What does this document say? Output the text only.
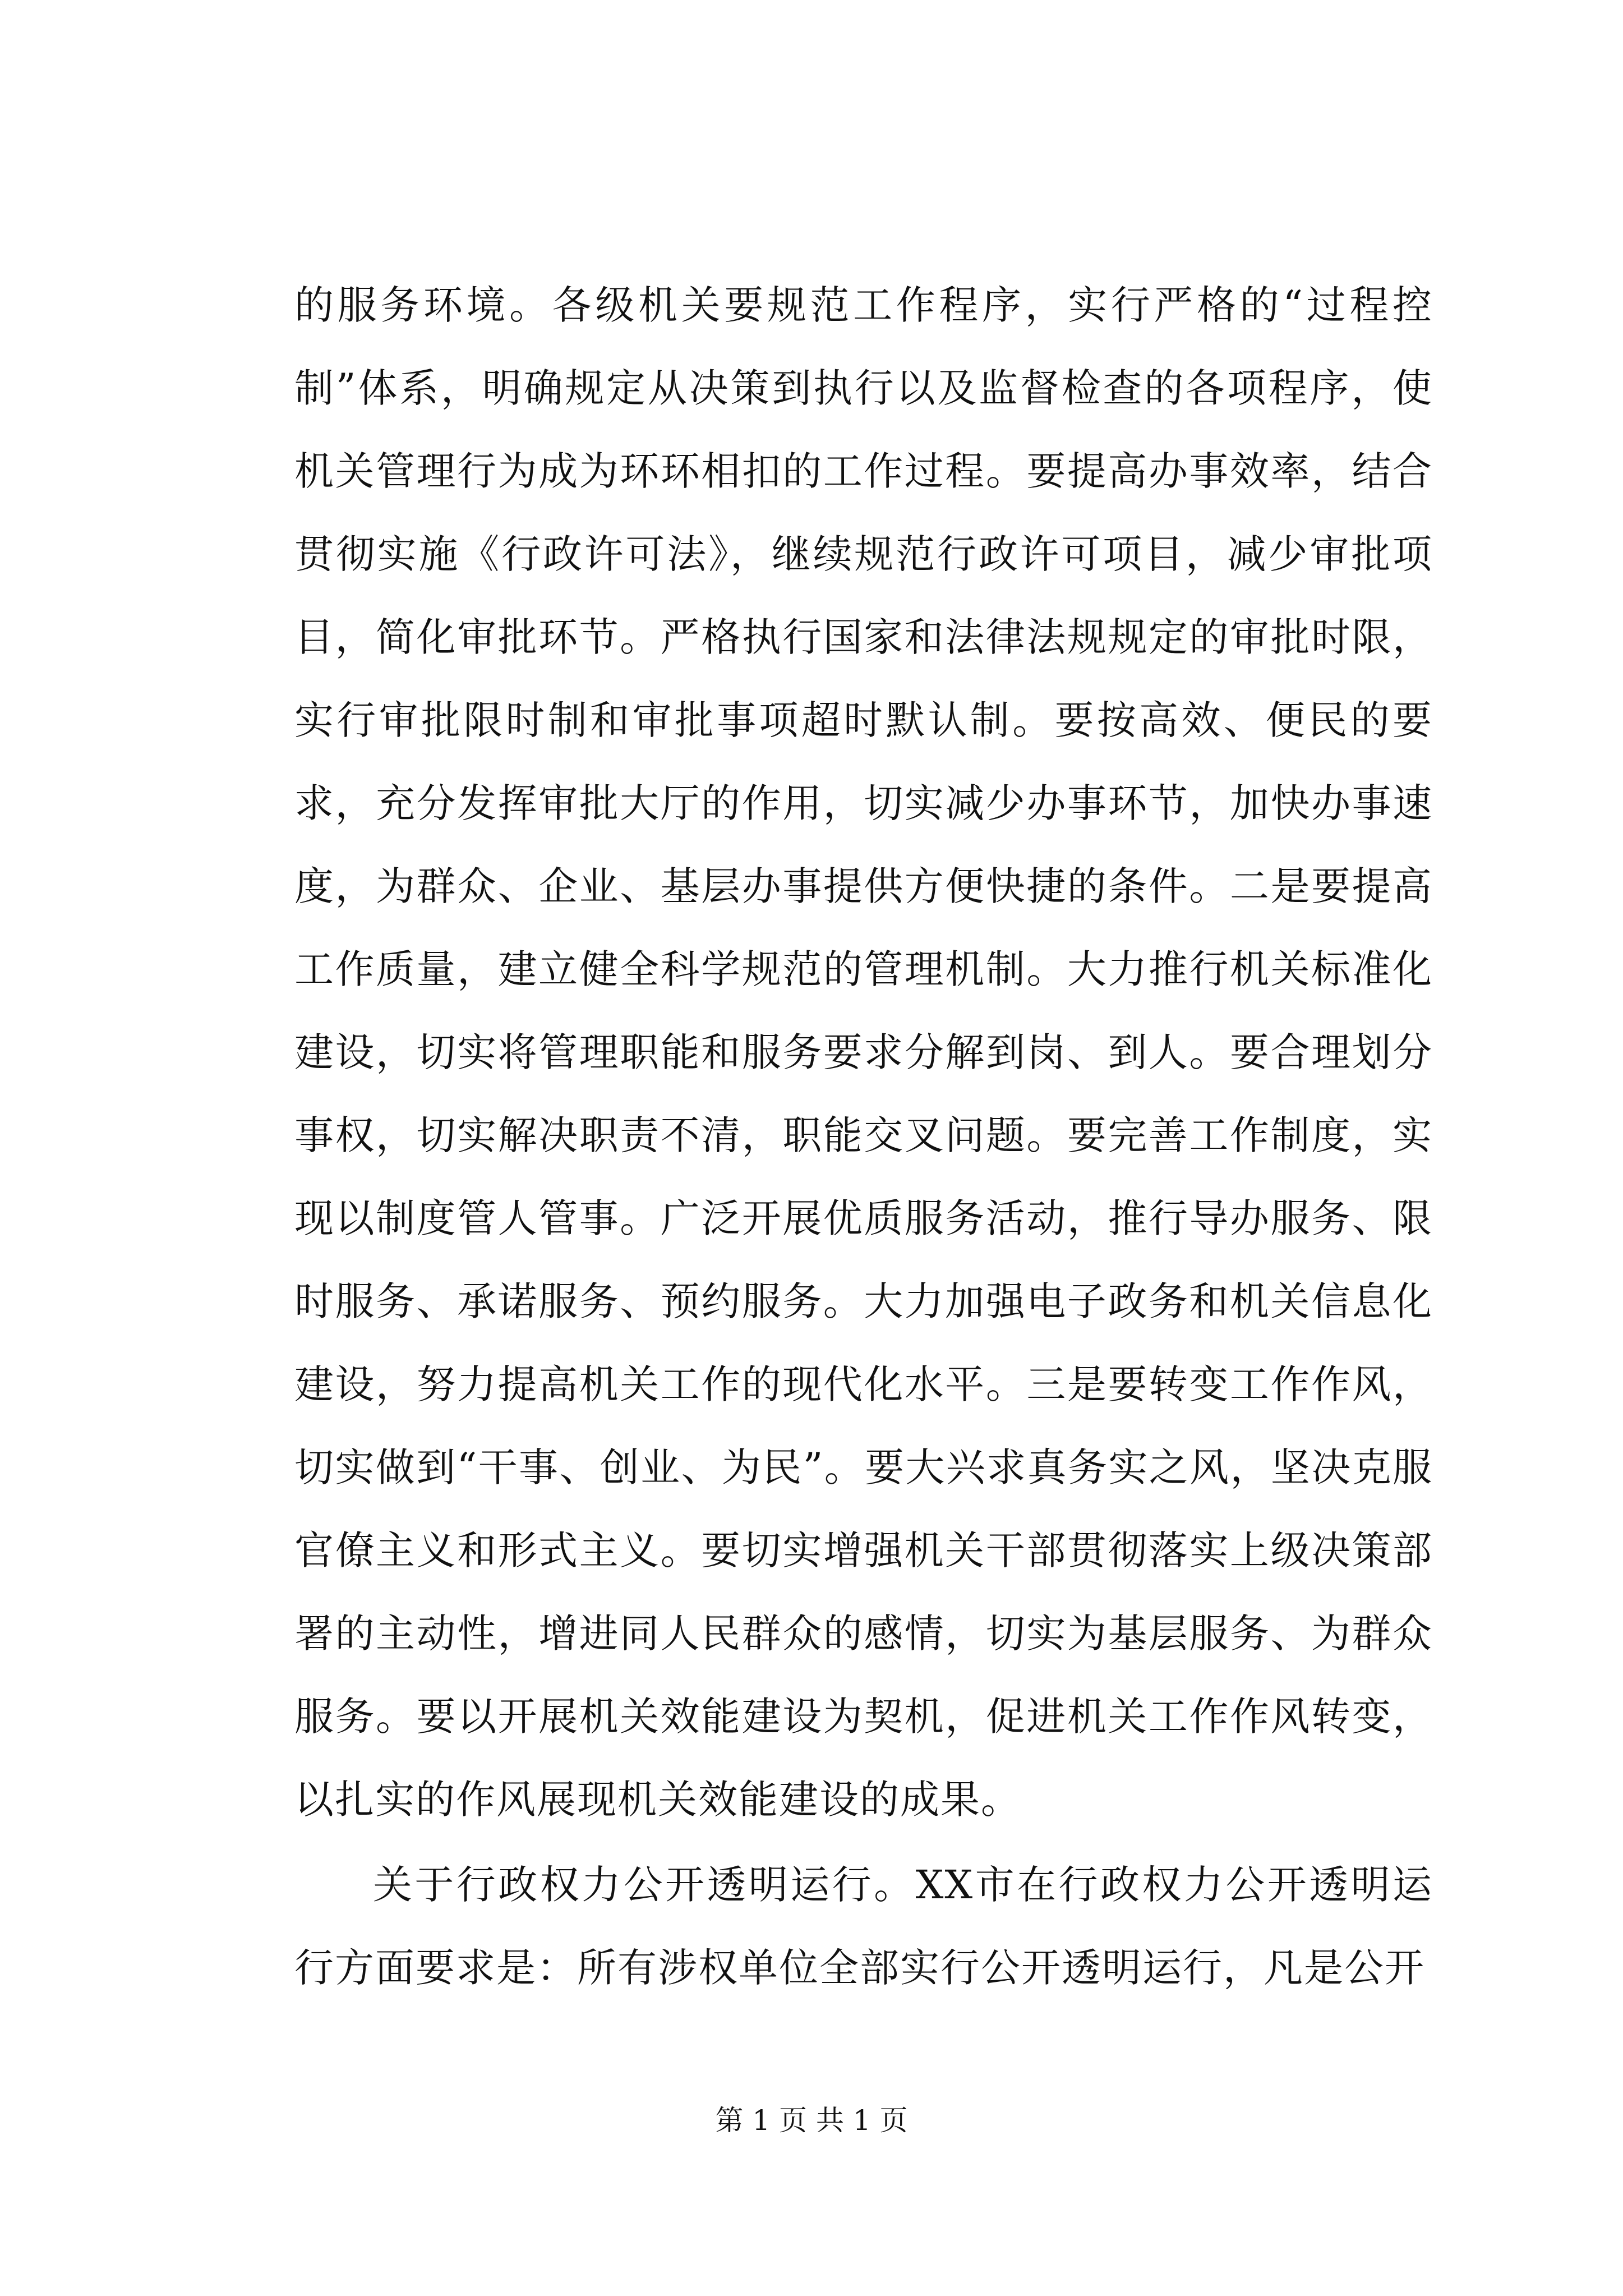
的服务环境。各级机关要规范工作程序，实行严格的“过程控制”体系，明确规定从决策到执行以及监督检查的各项程序，使机关管理行为成为环环相扣的工作过程。要提高办事效率，结合贯彻实施《行政许可法》，继续规范行政许可项目，减少审批项目，简化审批环节。严格执行国家和法律法规规定的审批时限，实行审批限时制和审批事项超时默认制。要按高效、便民的要求，充分发挥审批大厅的作用，切实减少办事环节，加快办事速度，为群众、企业、基层办事提供方便快捷的条件。二是要提高工作质量，建立健全科学规范的管理机制。大力推行机关标准化建设，切实将管理职能和服务要求分解到岗、到人。要合理划分事权，切实解决职责不清，职能交叉问题。要完善工作制度，实现以制度管人管事。广泛开展优质服务活动，推行导办服务、限时服务、承诺服务、预约服务。大力加强电子政务和机关信息化建设，努力提高机关工作的现代化水平。三是要转变工作作风，切实做到“干事、创业、为民”。要大兴求真务实之风，坚决克服官僚主义和形式主义。要切实增强机关干部贯彻落实上级决策部署的主动性，增进同人民群众的感情，切实为基层服务、为群众服务。要以开展机关效能建设为契机，促进机关工作作风转变，以扎实的作风展现机关效能建设的成果。

关于行政权力公开透明运行。XX市在行政权力公开透明运行方面要求是：所有涉权单位全部实行公开透明运行，凡是公开

第 1 页 共 1 页
